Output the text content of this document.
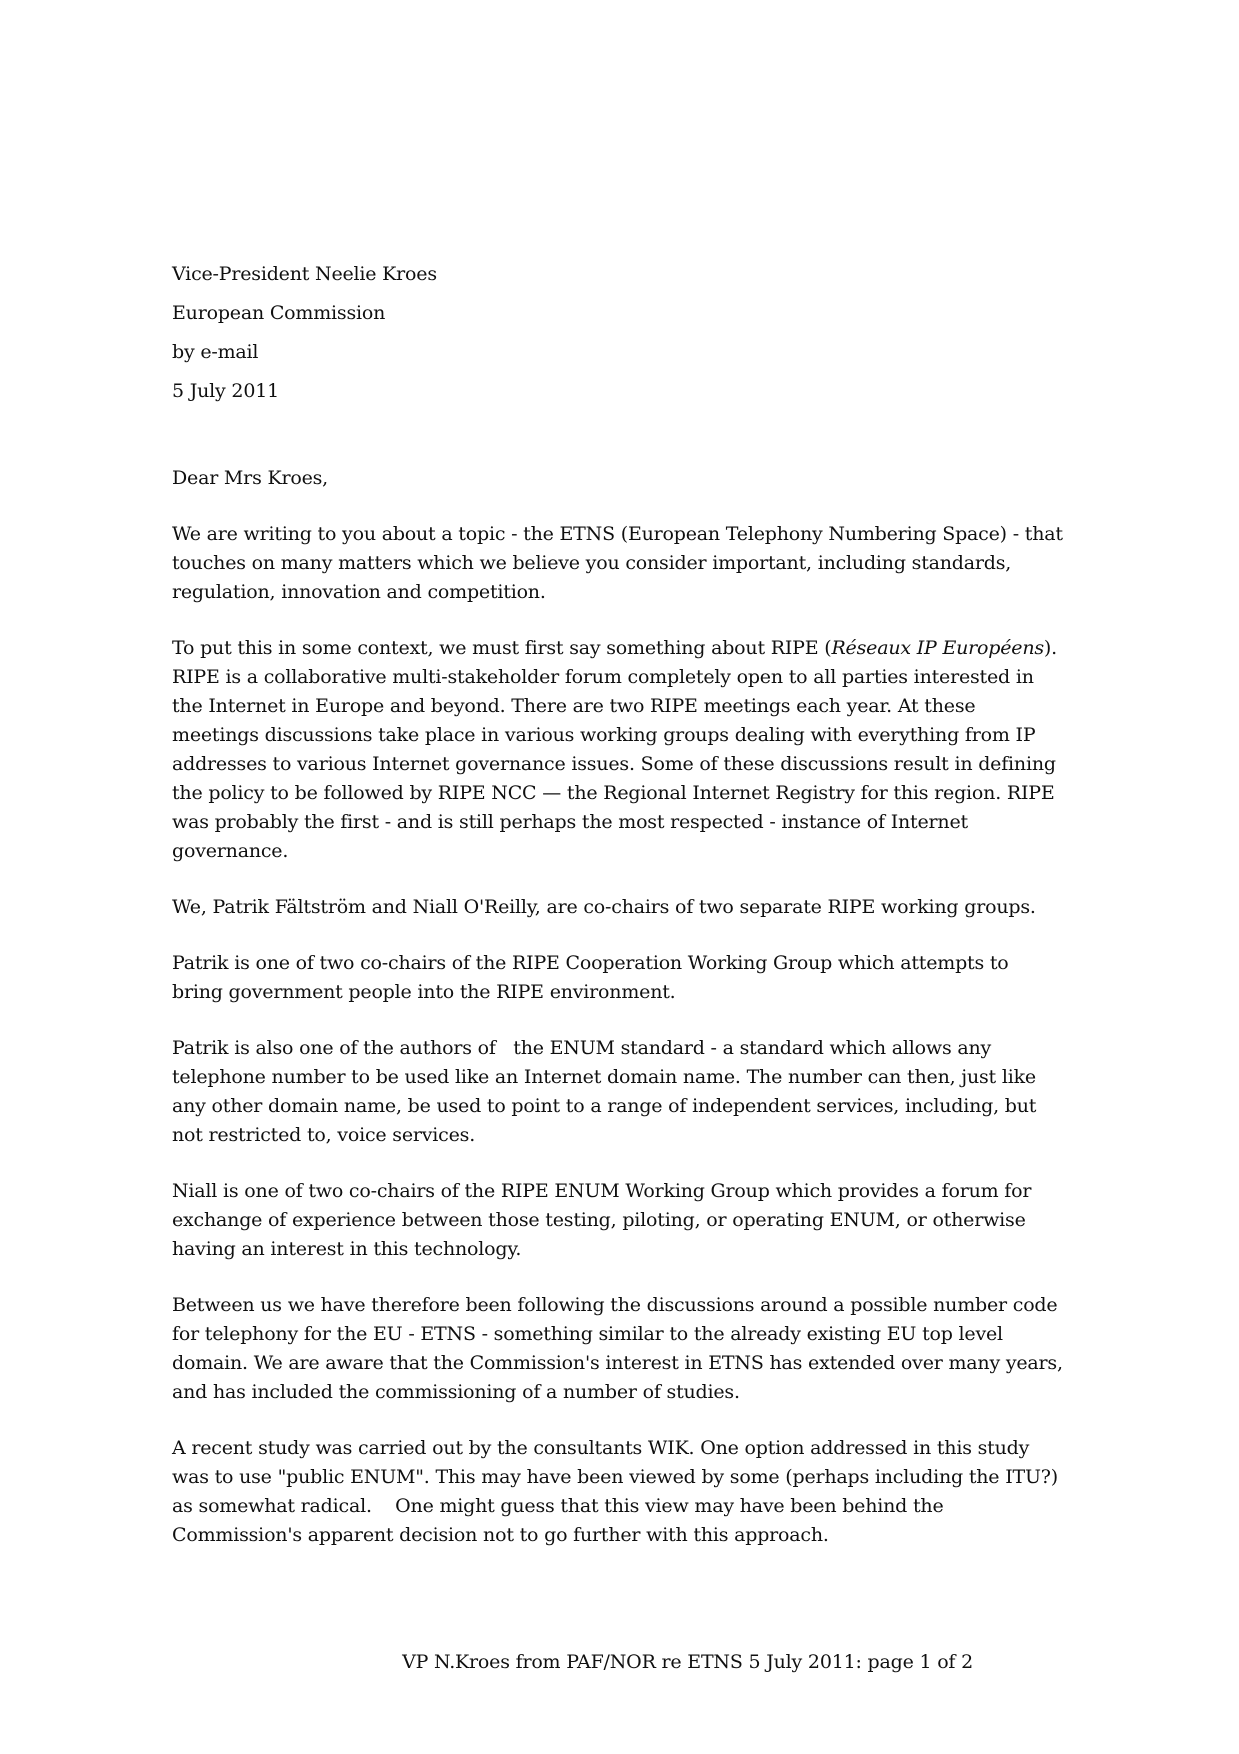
Vice-President Neelie Kroes
European Commission
by e-mail
5 July 2011
Dear Mrs Kroes,

We are writing to you about a topic - the ETNS (European Telephony Numbering Space) - that touches on many matters which we believe you consider important, including standards, regulation, innovation and competition.

To put this in some context, we must first say something about RIPE (Réseaux IP Européens). RIPE is a collaborative multi-stakeholder forum completely open to all parties interested in the Internet in Europe and beyond. There are two RIPE meetings each year. At these meetings discussions take place in various working groups dealing with everything from IP addresses to various Internet governance issues. Some of these discussions result in defining the policy to be followed by RIPE NCC — the Regional Internet Registry for this region. RIPE was probably the first - and is still perhaps the most respected - instance of Internet governance.

We, Patrik Fältström and Niall O'Reilly, are co-chairs of two separate RIPE working groups.

Patrik is one of two co-chairs of the RIPE Cooperation Working Group which attempts to bring government people into the RIPE environment.

Patrik is also one of the authors of   the ENUM standard - a standard which allows any telephone number to be used like an Internet domain name. The number can then, just like any other domain name, be used to point to a range of independent services, including, but not restricted to, voice services.

Niall is one of two co-chairs of the RIPE ENUM Working Group which provides a forum for exchange of experience between those testing, piloting, or operating ENUM, or otherwise having an interest in this technology.

Between us we have therefore been following the discussions around a possible number code for telephony for the EU - ETNS - something similar to the already existing EU top level domain. We are aware that the Commission's interest in ETNS has extended over many years, and has included the commissioning of a number of studies.

A recent study was carried out by the consultants WIK. One option addressed in this study was to use "public ENUM". This may have been viewed by some (perhaps including the ITU?) as somewhat radical.    One might guess that this view may have been behind the Commission's apparent decision not to go further with this approach.

VP N.Kroes from PAF/NOR re ETNS 5 July 2011: page 1 of 2
